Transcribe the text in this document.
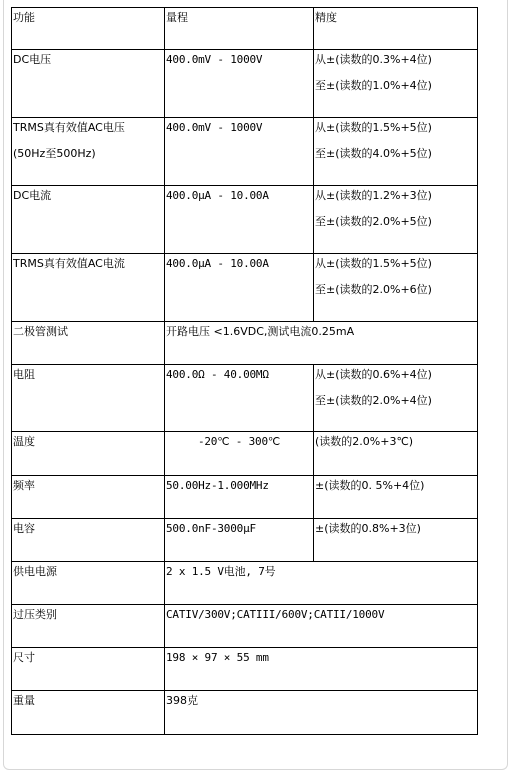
功能	量程	精度
DC电压	400.0mV - 1000V	从±(读数的0.3%+4位)
至±(读数的1.0%+4位)

TRMS真有效值AC电压
(50Hz至500Hz)	400.0mV - 1000V	从±(读数的1.5%+5位)
至±(读数的4.0%+5位)

DC电流	400.0μA - 10.00A	从±(读数的1.2%+3位)
至±(读数的2.0%+5位)

TRMS真有效值AC电流	400.0μA - 10.00A	从±(读数的1.5%+5位)
至±(读数的2.0%+6位)

二极管测试	开路电压 <1.6VDC,测试电流0.25mA	
电阻	400.0Ω - 40.00MΩ	从±(读数的0.6%+4位)
至±(读数的2.0%+4位)

温度	-20℃ - 300℃	(读数的2.0%+3℃)
频率	50.00Hz-1.000MHz	±(读数的0. 5%+4位)
电容	500.0nF-3000μF	±(读数的0.8%+3位)
供电电源	2 x 1.5 V电池, 7号	
过压类别	CATIV/300V;CATIII/600V;CATII/1000V	
尺寸	198 × 97 × 55 mm	
重量	398克	
